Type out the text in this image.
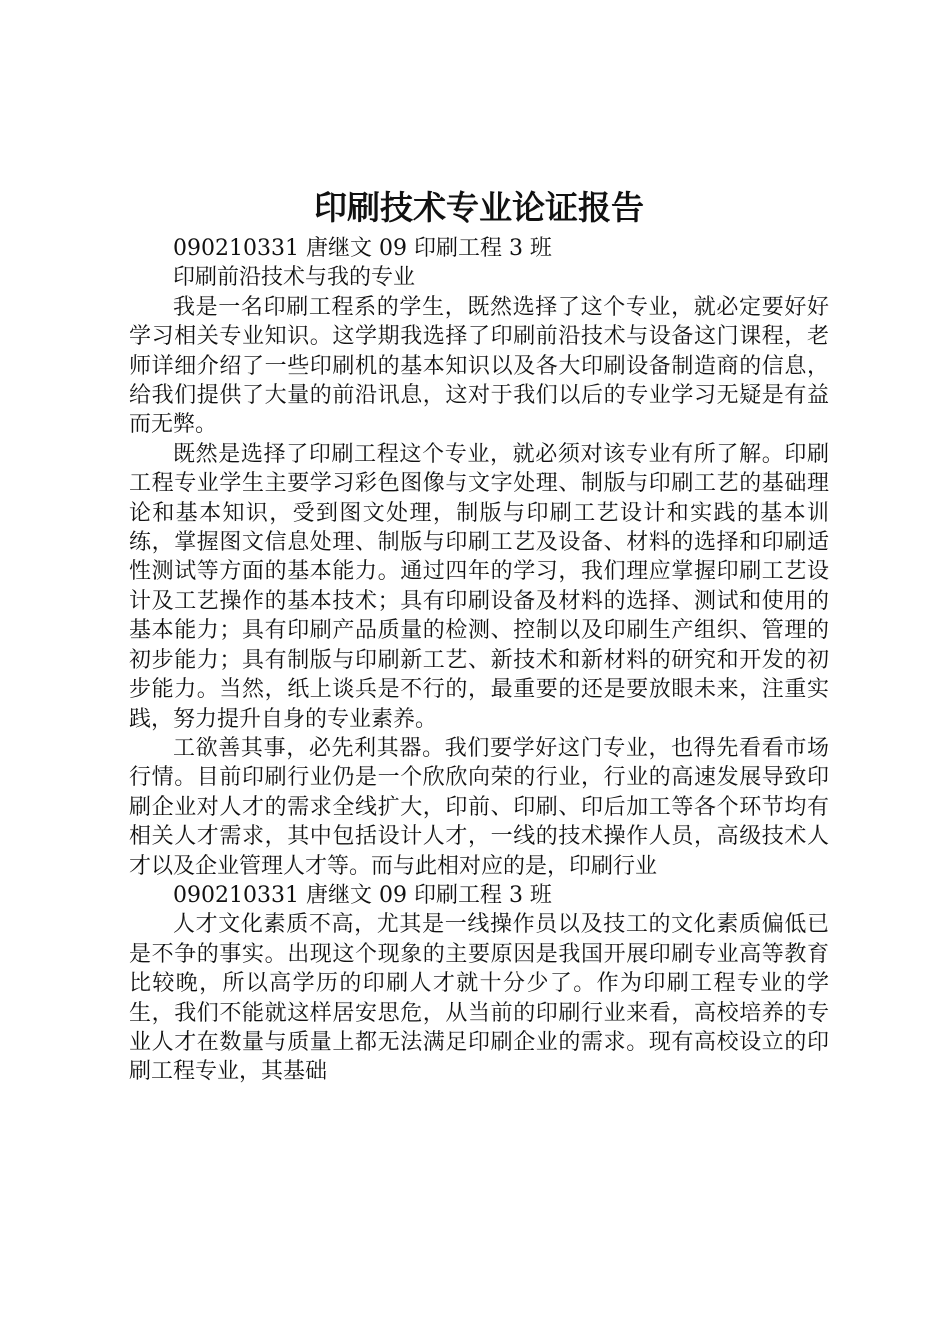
印刷技术专业论证报告

090210331 唐继文 09 印刷工程 3 班

印刷前沿技术与我的专业

我是一名印刷工程系的学生，既然选择了这个专业，就必定要好好学习相关专业知识。这学期我选择了印刷前沿技术与设备这门课程，老师详细介绍了一些印刷机的基本知识以及各大印刷设备制造商的信息，给我们提供了大量的前沿讯息，这对于我们以后的专业学习无疑是有益而无弊。

既然是选择了印刷工程这个专业，就必须对该专业有所了解。印刷工程专业学生主要学习彩色图像与文字处理、制版与印刷工艺的基础理论和基本知识，受到图文处理，制版与印刷工艺设计和实践的基本训练，掌握图文信息处理、制版与印刷工艺及设备、材料的选择和印刷适性测试等方面的基本能力。通过四年的学习，我们理应掌握印刷工艺设计及工艺操作的基本技术；具有印刷设备及材料的选择、测试和使用的基本能力；具有印刷产品质量的检测、控制以及印刷生产组织、管理的初步能力；具有制版与印刷新工艺、新技术和新材料的研究和开发的初步能力。当然，纸上谈兵是不行的，最重要的还是要放眼未来，注重实践，努力提升自身的专业素养。

工欲善其事，必先利其器。我们要学好这门专业，也得先看看市场行情。目前印刷行业仍是一个欣欣向荣的行业，行业的高速发展导致印刷企业对人才的需求全线扩大，印前、印刷、印后加工等各个环节均有相关人才需求，其中包括设计人才，一线的技术操作人员，高级技术人才以及企业管理人才等。而与此相对应的是，印刷行业

090210331 唐继文 09 印刷工程 3 班

人才文化素质不高，尤其是一线操作员以及技工的文化素质偏低已是不争的事实。出现这个现象的主要原因是我国开展印刷专业高等教育比较晚，所以高学历的印刷人才就十分少了。作为印刷工程专业的学生，我们不能就这样居安思危，从当前的印刷行业来看，高校培养的专业人才在数量与质量上都无法满足印刷企业的需求。现有高校设立的印刷工程专业，其基础
